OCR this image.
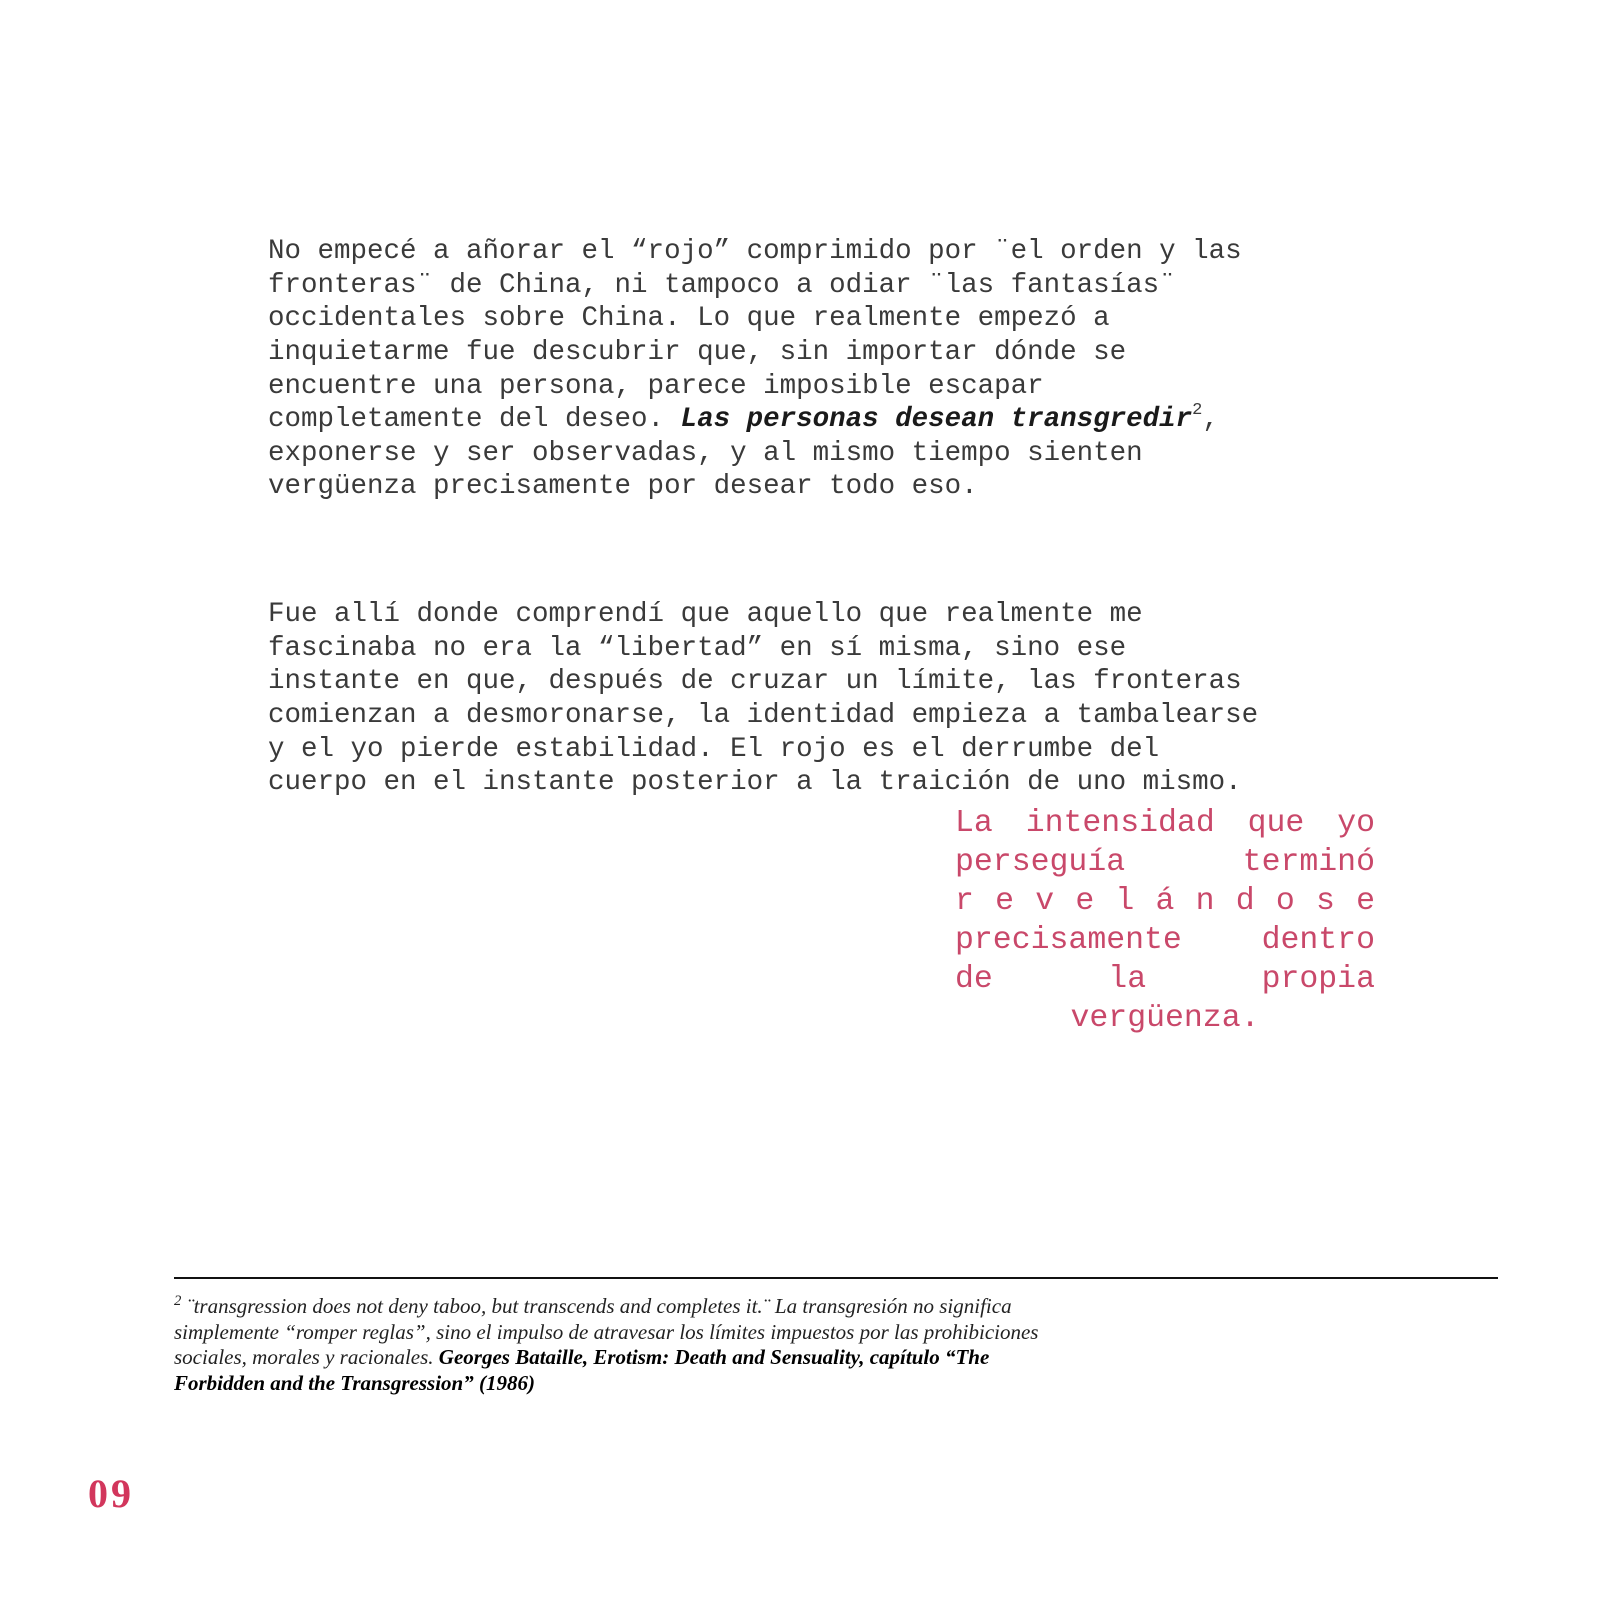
No empecé a añorar el “rojo” comprimido por ¨el orden y las
fronteras¨ de China, ni tampoco a odiar ¨las fantasías¨
occidentales sobre China. Lo que realmente empezó a
inquietarme fue descubrir que, sin importar dónde se
encuentre una persona, parece imposible escapar
completamente del deseo. Las personas desean transgredir$^2$,
exponerse y ser observadas, y al mismo tiempo sienten
vergüenza precisamente por desear todo eso.

Fue allí donde comprendí que aquello que realmente me
fascinaba no era la “libertad” en sí misma, sino ese
instante en que, después de cruzar un límite, las fronteras
comienzan a desmoronarse, la identidad empieza a tambalearse
y el yo pierde estabilidad. El rojo es el derrumbe del
cuerpo en el instante posterior a la traición de uno mismo.

La intensidad que yo
perseguía terminó
r e v e l á n d o s e
precisamente dentro
de la propia
vergüenza.
$^2$ ¨transgression does not deny taboo, but transcends and completes it.¨ La transgresión no significa
simplemente “romper reglas”, sino el impulso de atravesar los límites impuestos por las prohibiciones
sociales, morales y racionales. Georges Bataille, Erotism: Death and Sensuality, capítulo “The
Forbidden and the Transgression” (1986)
09
